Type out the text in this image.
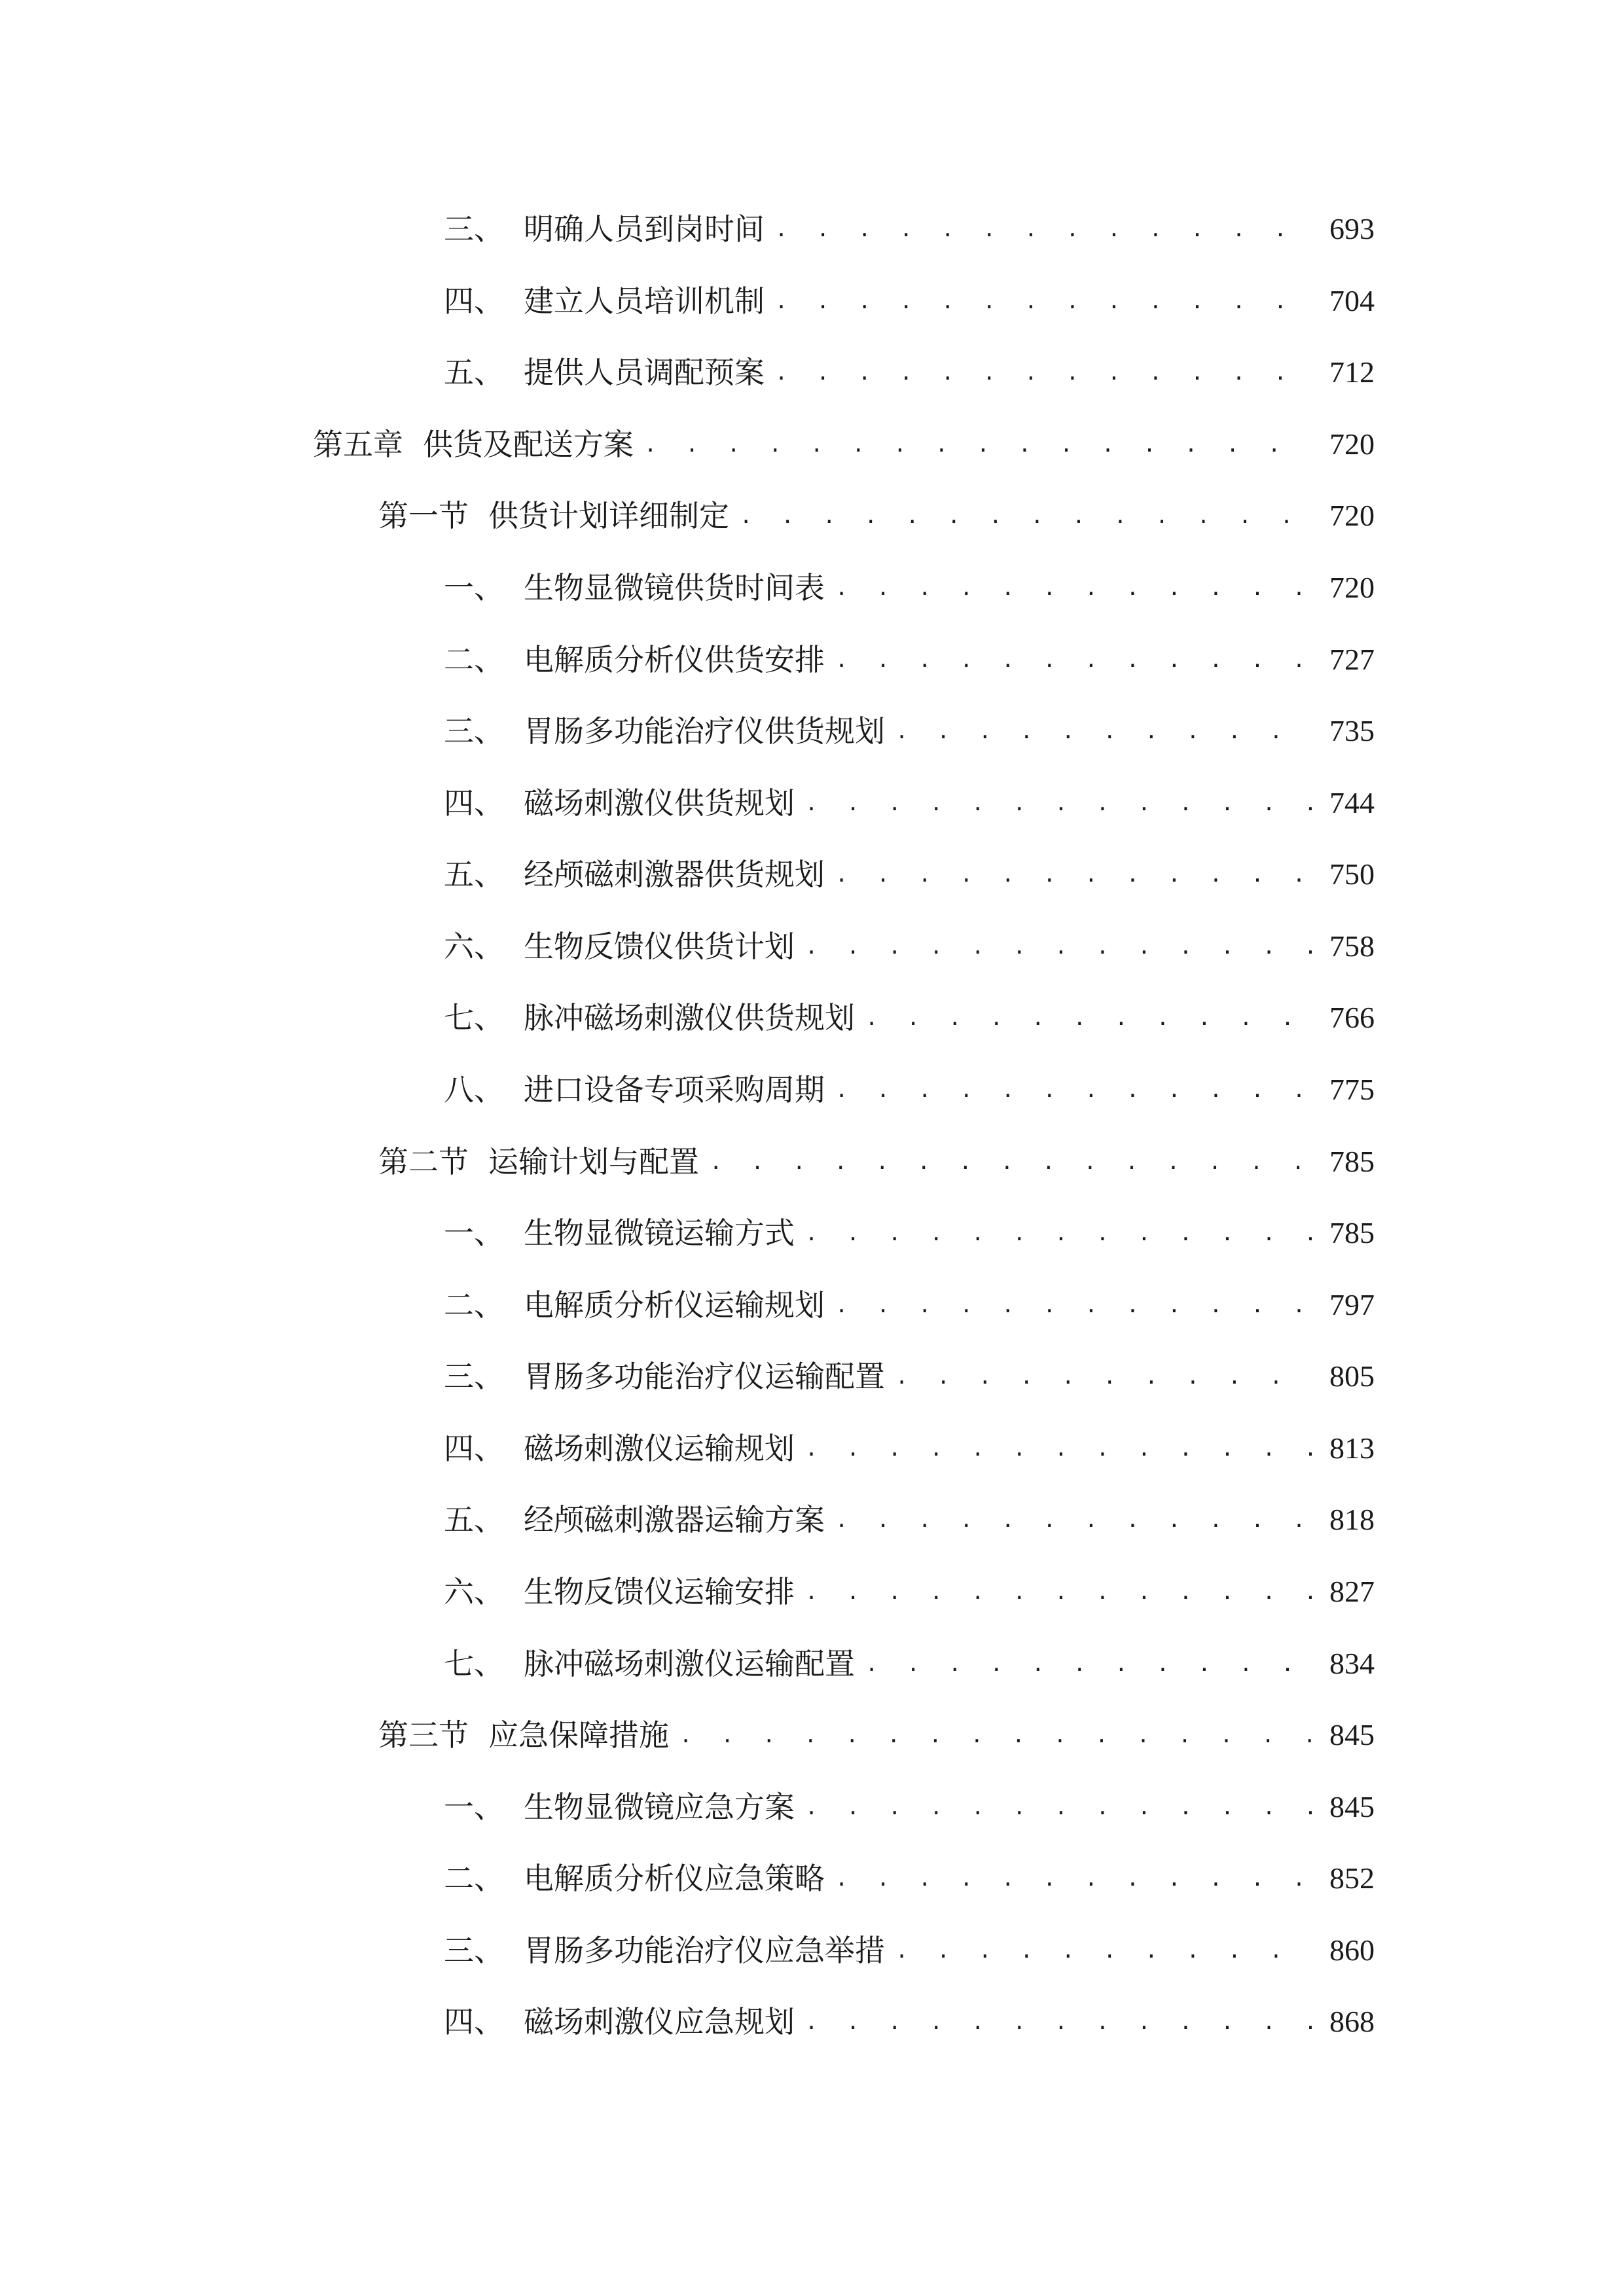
三、 明确人员到岗时间 . . .	693
四、 建立人员培训机制 . . .	704
五、 提供人员调配预案 . . .	712
第五章 供货及配送方案 . . .	720
第一节 供货计划详细制定 . . .	720
一、 生物显微镜供货时间表 . . .	720
二、 电解质分析仪供货安排 . . .	727
三、 胃肠多功能治疗仪供货规划 . . .	735
四、 磁场刺激仪供货规划 . . .	744
五、 经颅磁刺激器供货规划 . . .	750
六、 生物反馈仪供货计划 . . .	758
七、 脉冲磁场刺激仪供货规划 . . .	766
八、 进口设备专项采购周期 . . .	775
第二节 运输计划与配置 . . .	785
一、 生物显微镜运输方式 . . .	785
二、 电解质分析仪运输规划 . . .	797
三、 胃肠多功能治疗仪运输配置 . . .	805
四、 磁场刺激仪运输规划 . . .	813
五、 经颅磁刺激器运输方案 . . .	818
六、 生物反馈仪运输安排 . . .	827
七、 脉冲磁场刺激仪运输配置 . . .	834
第三节 应急保障措施 . . .	845
一、 生物显微镜应急方案 . . .	845
二、 电解质分析仪应急策略 . . .	852
三、 胃肠多功能治疗仪应急举措 . . .	860
四、 磁场刺激仪应急规划 . . .	868
